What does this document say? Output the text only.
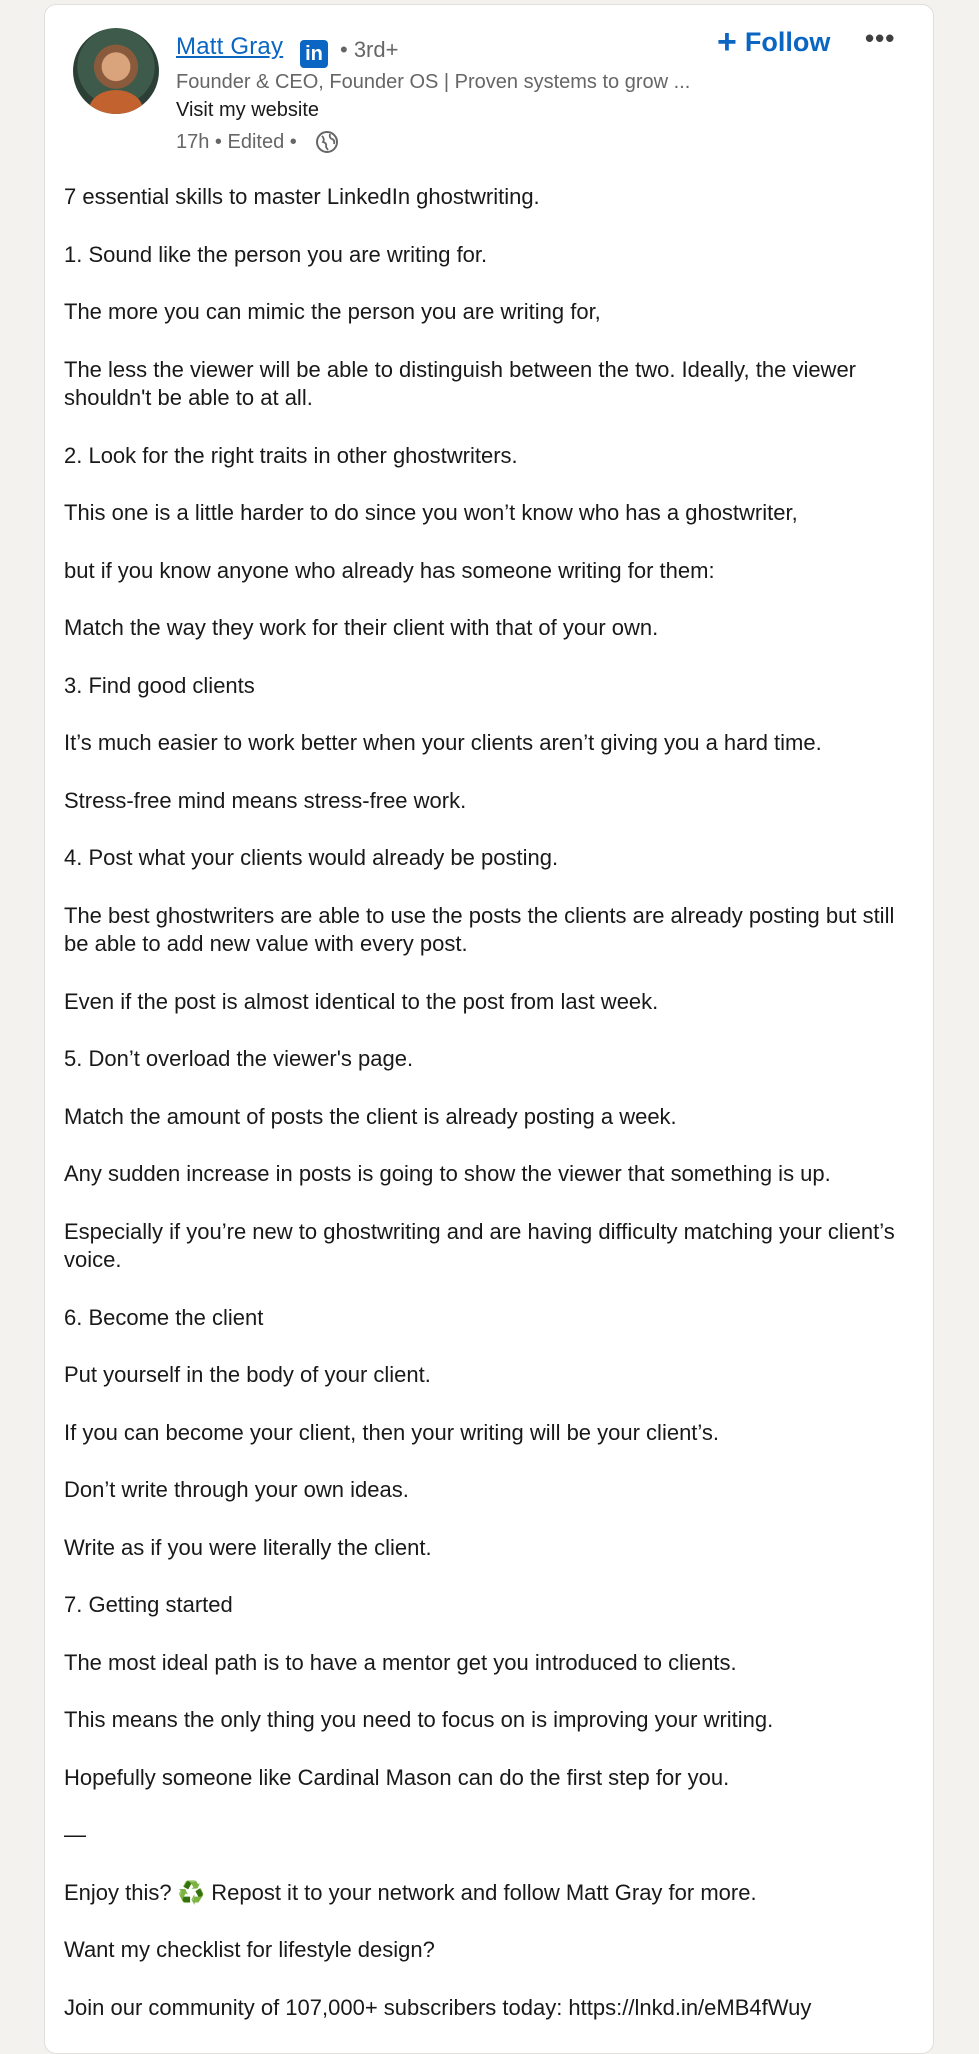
Matt Gray in • 3rd+
Founder & CEO, Founder OS | Proven systems to grow ...
Visit my website
17h • Edited •
+ Follow •••

7 essential skills to master LinkedIn ghostwriting.

1. Sound like the person you are writing for.

The more you can mimic the person you are writing for,

The less the viewer will be able to distinguish between the two. Ideally, the viewer shouldn't be able to at all.

2. Look for the right traits in other ghostwriters.

This one is a little harder to do since you won’t know who has a ghostwriter,

but if you know anyone who already has someone writing for them:

Match the way they work for their client with that of your own.

3. Find good clients

It’s much easier to work better when your clients aren’t giving you a hard time.

Stress-free mind means stress-free work.

4. Post what your clients would already be posting.

The best ghostwriters are able to use the posts the clients are already posting but still be able to add new value with every post.

Even if the post is almost identical to the post from last week.

5. Don’t overload the viewer's page.

Match the amount of posts the client is already posting a week.

Any sudden increase in posts is going to show the viewer that something is up.

Especially if you’re new to ghostwriting and are having difficulty matching your client’s voice.

6. Become the client

Put yourself in the body of your client.

If you can become your client, then your writing will be your client’s.

Don’t write through your own ideas.

Write as if you were literally the client.

7. Getting started

The most ideal path is to have a mentor get you introduced to clients.

This means the only thing you need to focus on is improving your writing.

Hopefully someone like Cardinal Mason can do the first step for you.

—

Enjoy this? ♻️ Repost it to your network and follow Matt Gray for more.

Want my checklist for lifestyle design?

Join our community of 107,000+ subscribers today: https://lnkd.in/eMB4fWuy
